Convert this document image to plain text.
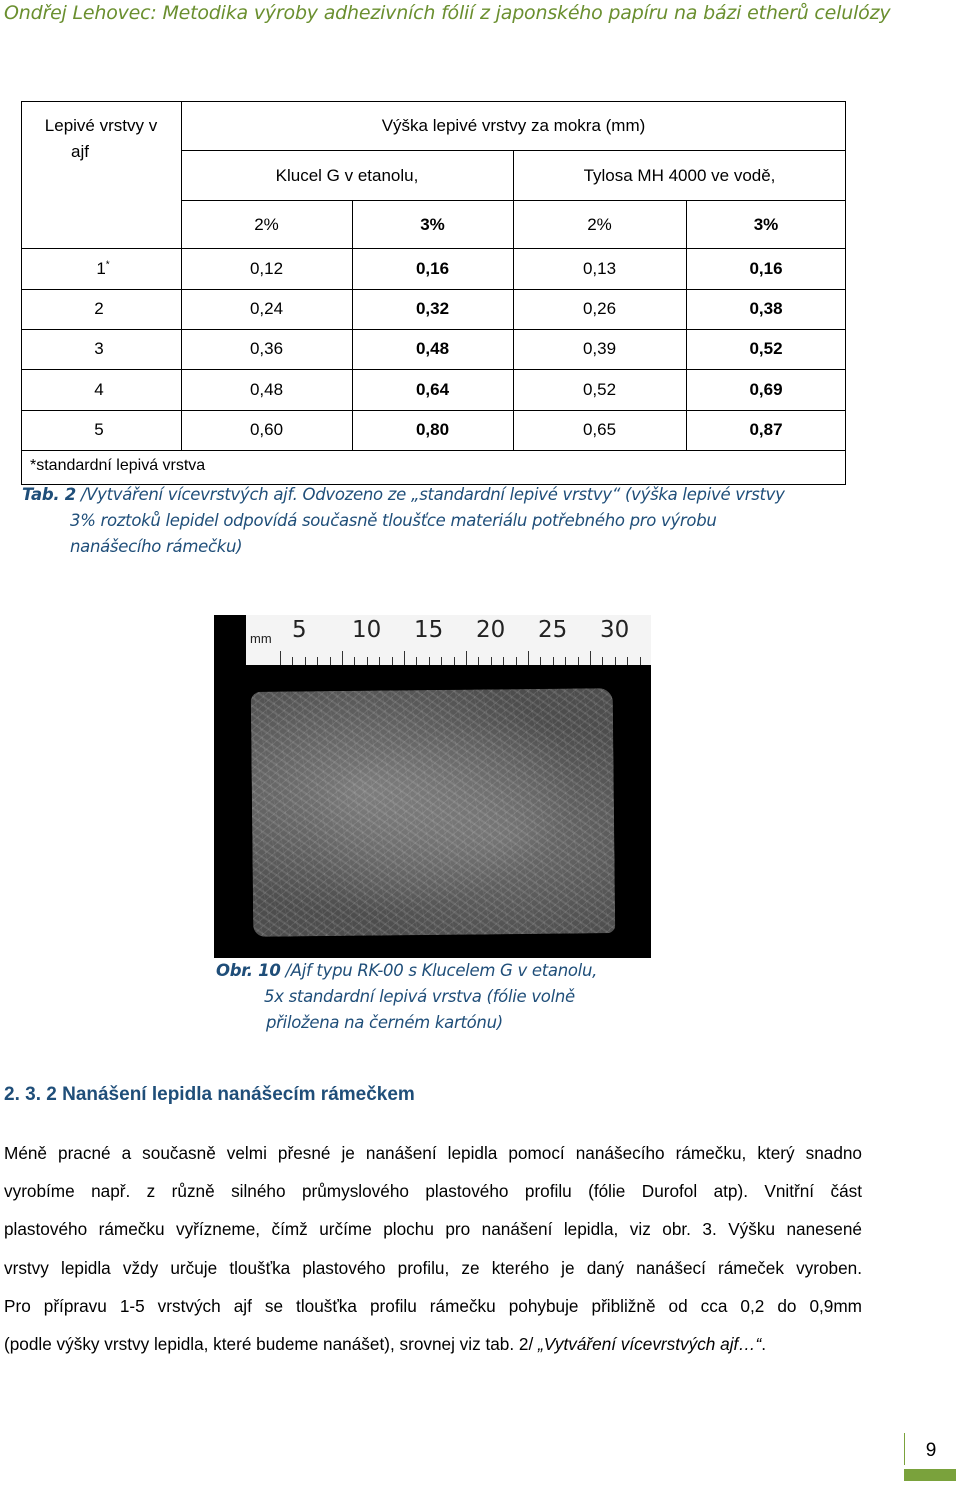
Ondřej Lehovec: Metodika výroby adhezivních fólií z japonského papíru na bázi etherů celulózy
Lepivé vrstvy v
ajf
Výška lepivé vrstvy za mokra (mm)
Klucel G v etanolu,	Tylosa MH 4000 ve vodě,
2%	3%	2%	3%
1*	0,12	0,16	0,13	0,16
2	0,24	0,32	0,26	0,38
3	0,36	0,48	0,39	0,52
4	0,48	0,64	0,52	0,69
5	0,60	0,80	0,65	0,87
*standardní lepivá vrstva
Tab. 2 /Vytváření vícevrstvých ajf. Odvozeno ze „standardní lepivé vrstvy“ (výška lepivé vrstvy
3% roztoků lepidel odpovídá současně tloušťce materiálu potřebného pro výrobu
nanášecího rámečku)
mm 5 10 15 20 25 30
Obr. 10 /Ajf typu RK-00 s Klucelem G v etanolu,
5x standardní lepivá vrstva (fólie volně
přiložena na černém kartónu)
2. 3. 2 Nanášení lepidla nanášecím rámečkem
Méně pracné a současně velmi přesné je nanášení lepidla pomocí nanášecího rámečku, který snadno
vyrobíme např. z různě silného průmyslového plastového profilu (fólie Durofol atp). Vnitřní část
plastového rámečku vyřízneme, čímž určíme plochu pro nanášení lepidla, viz obr. 3. Výšku nanesené
vrstvy lepidla vždy určuje tloušťka plastového profilu, ze kterého je daný nanášecí rámeček vyroben.
Pro přípravu 1-5 vrstvých ajf se tloušťka profilu rámečku pohybuje přibližně od cca 0,2 do 0,9mm
(podle výšky vrstvy lepidla, které budeme nanášet), srovnej viz tab. 2/ „Vytváření vícevrstvých ajf…“.
9
